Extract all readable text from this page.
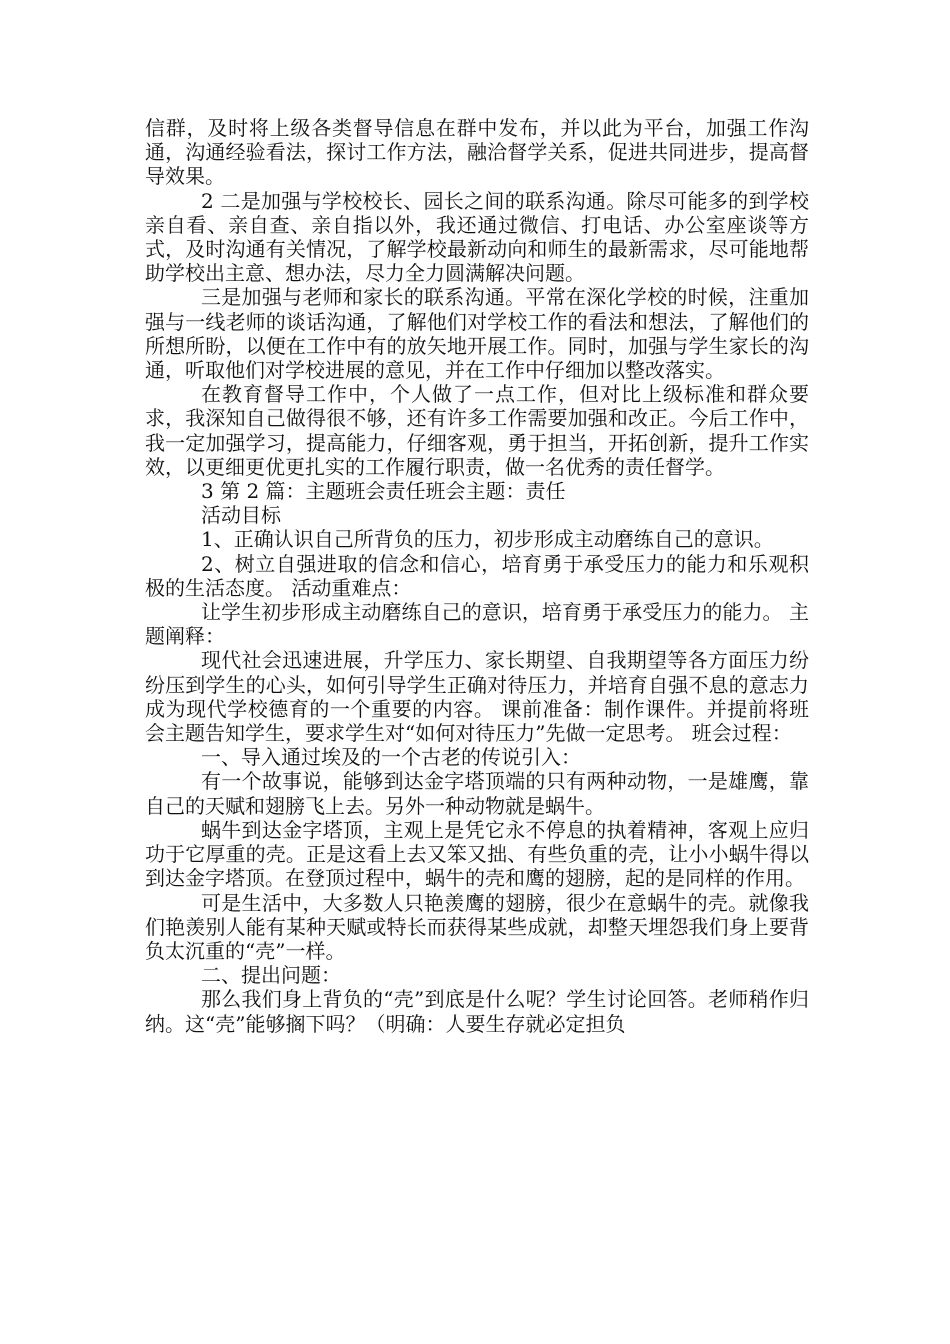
信群，及时将上级各类督导信息在群中发布，并以此为平台，加强工作沟通，沟通经验看法，探讨工作方法，融洽督学关系，促进共同进步，提高督导效果。

2 二是加强与学校校长、园长之间的联系沟通。除尽可能多的到学校亲自看、亲自查、亲自指以外，我还通过微信、打电话、办公室座谈等方式，及时沟通有关情况，了解学校最新动向和师生的最新需求，尽可能地帮助学校出主意、想办法，尽力全力圆满解决问题。

三是加强与老师和家长的联系沟通。平常在深化学校的时候，注重加强与一线老师的谈话沟通，了解他们对学校工作的看法和想法，了解他们的所想所盼，以便在工作中有的放矢地开展工作。同时，加强与学生家长的沟通，听取他们对学校进展的意见，并在工作中仔细加以整改落实。

在教育督导工作中，个人做了一点工作，但对比上级标准和群众要求，我深知自己做得很不够，还有许多工作需要加强和改正。今后工作中，我一定加强学习，提高能力，仔细客观，勇于担当，开拓创新，提升工作实效，以更细更优更扎实的工作履行职责，做一名优秀的责任督学。

3 第 2 篇：主题班会责任班会主题：责任

活动目标

1、正确认识自己所背负的压力，初步形成主动磨练自己的意识。

2、树立自强进取的信念和信心，培育勇于承受压力的能力和乐观积极的生活态度。 活动重难点：

让学生初步形成主动磨练自己的意识，培育勇于承受压力的能力。 主题阐释：

现代社会迅速进展，升学压力、家长期望、自我期望等各方面压力纷纷压到学生的心头，如何引导学生正确对待压力，并培育自强不息的意志力成为现代学校德育的一个重要的内容。 课前准备：制作课件。并提前将班会主题告知学生，要求学生对“如何对待压力”先做一定思考。 班会过程：

一、导入通过埃及的一个古老的传说引入：

有一个故事说，能够到达金字塔顶端的只有两种动物，一是雄鹰，靠自己的天赋和翅膀飞上去。另外一种动物就是蜗牛。

蜗牛到达金字塔顶，主观上是凭它永不停息的执着精神，客观上应归功于它厚重的壳。正是这看上去又笨又拙、有些负重的壳，让小小蜗牛得以到达金字塔顶。在登顶过程中，蜗牛的壳和鹰的翅膀，起的是同样的作用。

可是生活中，大多数人只艳羡鹰的翅膀，很少在意蜗牛的壳。就像我们艳羡别人能有某种天赋或特长而获得某些成就，却整天埋怨我们身上要背负太沉重的“壳”一样。

二、提出问题：

那么我们身上背负的“壳”到底是什么呢？学生讨论回答。老师稍作归纳。这“壳”能够搁下吗？（明确：人要生存就必定担负
